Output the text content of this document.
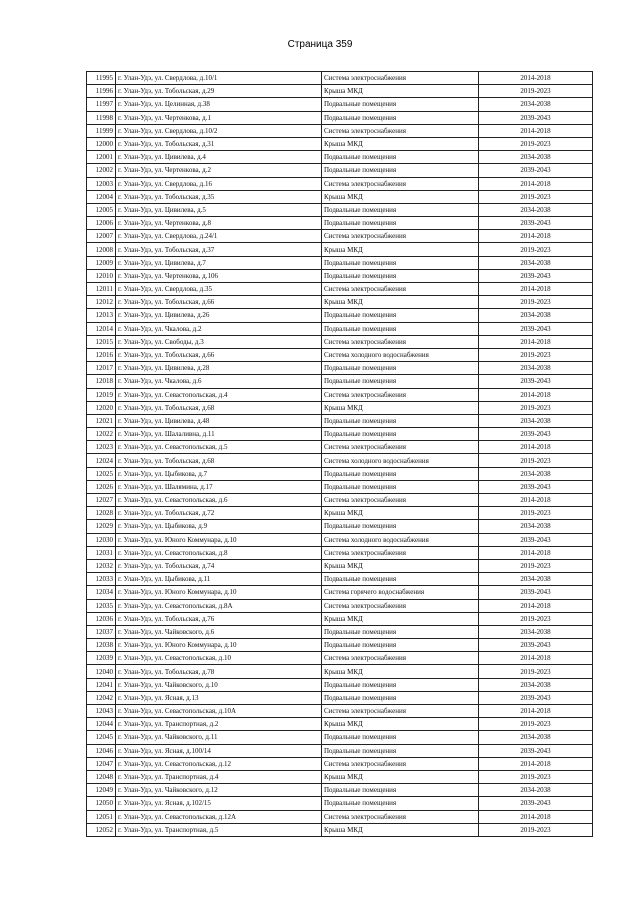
Страница 359
11995	г. Улан-Удэ, ул. Свердлова, д.10/1	Система электроснабжения	2014-2018
11996	г. Улан-Удэ, ул. Тобольская, д.29	Крыша МКД	2019-2023
11997	г. Улан-Удэ, ул. Целинная, д.38	Подвальные помещения	2034-2038
11998	г. Улан-Удэ, ул. Чертенкова, д.1	Подвальные помещения	2039-2043
11999	г. Улан-Удэ, ул. Свердлова, д.10/2	Система электроснабжения	2014-2018
12000	г. Улан-Удэ, ул. Тобольская, д.31	Крыша МКД	2019-2023
12001	г. Улан-Удэ, ул. Цивилева, д.4	Подвальные помещения	2034-2038
12002	г. Улан-Удэ, ул. Чертенкова, д.2	Подвальные помещения	2039-2043
12003	г. Улан-Удэ, ул. Свердлова, д.16	Система электроснабжения	2014-2018
12004	г. Улан-Удэ, ул. Тобольская, д.35	Крыша МКД	2019-2023
12005	г. Улан-Удэ, ул. Цивилева, д.5	Подвальные помещения	2034-2038
12006	г. Улан-Удэ, ул. Чертенкова, д.8	Подвальные помещения	2039-2043
12007	г. Улан-Удэ, ул. Свердлова, д.24/1	Система электроснабжения	2014-2018
12008	г. Улан-Удэ, ул. Тобольская, д.37	Крыша МКД	2019-2023
12009	г. Улан-Удэ, ул. Цивилева, д.7	Подвальные помещения	2034-2038
12010	г. Улан-Удэ, ул. Чертенкова, д.106	Подвальные помещения	2039-2043
12011	г. Улан-Удэ, ул. Свердлова, д.35	Система электроснабжения	2014-2018
12012	г. Улан-Удэ, ул. Тобольская, д.66	Крыша МКД	2019-2023
12013	г. Улан-Удэ, ул. Цивилева, д.26	Подвальные помещения	2034-2038
12014	г. Улан-Удэ, ул. Чкалова, д.2	Подвальные помещения	2039-2043
12015	г. Улан-Удэ, ул. Свободы, д.3	Система электроснабжения	2014-2018
12016	г. Улан-Удэ, ул. Тобольская, д.66	Система холодного водоснабжения	2019-2023
12017	г. Улан-Удэ, ул. Цивилева, д.28	Подвальные помещения	2034-2038
12018	г. Улан-Удэ, ул. Чкалова, д.6	Подвальные помещения	2039-2043
12019	г. Улан-Удэ, ул. Севастопольская, д.4	Система электроснабжения	2014-2018
12020	г. Улан-Удэ, ул. Тобольская, д.68	Крыша МКД	2019-2023
12021	г. Улан-Удэ, ул. Цивилева, д.48	Подвальные помещения	2034-2038
12022	г. Улан-Удэ, ул. Шалаливна, д.11	Подвальные помещения	2039-2043
12023	г. Улан-Удэ, ул. Севастопольская, д.5	Система электроснабжения	2014-2018
12024	г. Улан-Удэ, ул. Тобольская, д.68	Система холодного водоснабжения	2019-2023
12025	г. Улан-Удэ, ул. Цыбикова, д.7	Подвальные помещения	2034-2038
12026	г. Улан-Удэ, ул. Шалямина, д.17	Подвальные помещения	2039-2043
12027	г. Улан-Удэ, ул. Севастопольская, д.6	Система электроснабжения	2014-2018
12028	г. Улан-Удэ, ул. Тобольская, д.72	Крыша МКД	2019-2023
12029	г. Улан-Удэ, ул. Цыбикова, д.9	Подвальные помещения	2034-2038
12030	г. Улан-Удэ, ул. Юного Коммунара, д.10	Система холодного водоснабжения	2039-2043
12031	г. Улан-Удэ, ул. Севастопольская, д.8	Система электроснабжения	2014-2018
12032	г. Улан-Удэ, ул. Тобольская, д.74	Крыша МКД	2019-2023
12033	г. Улан-Удэ, ул. Цыбикова, д.11	Подвальные помещения	2034-2038
12034	г. Улан-Удэ, ул. Юного Коммунара, д.10	Система горячего водоснабжения	2039-2043
12035	г. Улан-Удэ, ул. Севастопольская, д.8А	Система электроснабжения	2014-2018
12036	г. Улан-Удэ, ул. Тобольская, д.76	Крыша МКД	2019-2023
12037	г. Улан-Удэ, ул. Чайковского, д.6	Подвальные помещения	2034-2038
12038	г. Улан-Удэ, ул. Юного Коммунара, д.10	Подвальные помещения	2039-2043
12039	г. Улан-Удэ, ул. Севастопольская, д.10	Система электроснабжения	2014-2018
12040	г. Улан-Удэ, ул. Тобольская, д.78	Крыша МКД	2019-2023
12041	г. Улан-Удэ, ул. Чайковского, д.10	Подвальные помещения	2034-2038
12042	г. Улан-Удэ, ул. Ясная, д.13	Подвальные помещения	2039-2043
12043	г. Улан-Удэ, ул. Севастопольская, д.10А	Система электроснабжения	2014-2018
12044	г. Улан-Удэ, ул. Транспортная, д.2	Крыша МКД	2019-2023
12045	г. Улан-Удэ, ул. Чайковского, д.11	Подвальные помещения	2034-2038
12046	г. Улан-Удэ, ул. Ясная, д.100/14	Подвальные помещения	2039-2043
12047	г. Улан-Удэ, ул. Севастопольская, д.12	Система электроснабжения	2014-2018
12048	г. Улан-Удэ, ул. Транспортная, д.4	Крыша МКД	2019-2023
12049	г. Улан-Удэ, ул. Чайковского, д.12	Подвальные помещения	2034-2038
12050	г. Улан-Удэ, ул. Ясная, д.102/15	Подвальные помещения	2039-2043
12051	г. Улан-Удэ, ул. Севастопольская, д.12А	Система электроснабжения	2014-2018
12052	г. Улан-Удэ, ул. Транспортная, д.5	Крыша МКД	2019-2023
